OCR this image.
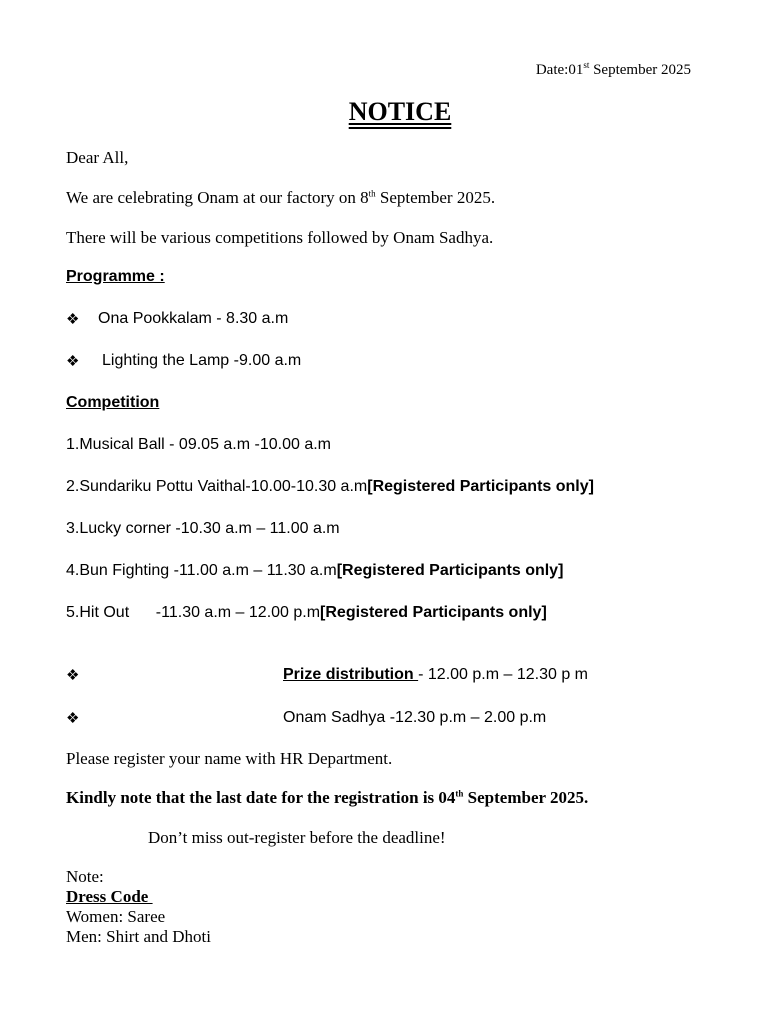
Date:01st September 2025
NOTICE
Dear All,
We are celebrating Onam at our factory on 8th September 2025.
There will be various competitions followed by Onam Sadhya.
Programme :
❖ Ona Pookkalam - 8.30 a.m
❖ Lighting the Lamp -9.00 a.m
Competition
1.Musical Ball - 09.05 a.m -10.00 a.m
2.Sundariku Pottu Vaithal-10.00-10.30 a.m[Registered Participants only]
3.Lucky corner -10.30 a.m – 11.00 a.m
4.Bun Fighting -11.00 a.m – 11.30 a.m[Registered Participants only]
5.Hit Out      -11.30 a.m – 12.00 p.m[Registered Participants only]
❖	Prize distribution - 12.00 p.m – 12.30 p m
❖	Onam Sadhya -12.30 p.m – 2.00 p.m
Please register your name with HR Department.
Kindly note that the last date for the registration is 04th September 2025.
Don’t miss out-register before the deadline!
Note:
Dress Code
Women: Saree
Men: Shirt and Dhoti
